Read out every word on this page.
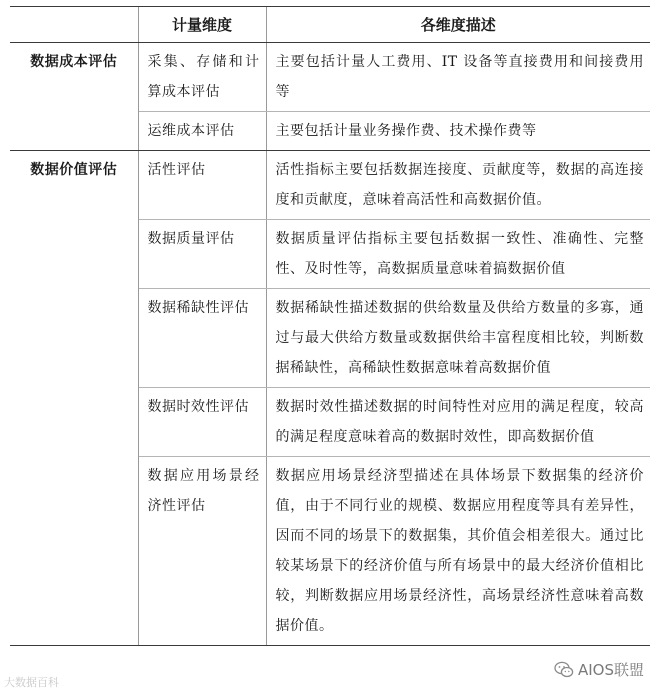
	计量维度	各维度描述
数据成本评估	采集、存储和计算成本评估	主要包括计量人工费用、IT 设备等直接费用和间接费用等
	运维成本评估	主要包括计量业务操作费、技术操作费等
数据价值评估	活性评估	活性指标主要包括数据连接度、贡献度等，数据的高连接度和贡献度，意味着高活性和高数据价值。
	数据质量评估	数据质量评估指标主要包括数据一致性、准确性、完整性、及时性等，高数据质量意味着搞数据价值
	数据稀缺性评估	数据稀缺性描述数据的供给数量及供给方数量的多寡，通过与最大供给方数量或数据供给丰富程度相比较，判断数据稀缺性，高稀缺性数据意味着高数据价值
	数据时效性评估	数据时效性描述数据的时间特性对应用的满足程度，较高的满足程度意味着高的数据时效性，即高数据价值
	数据应用场景经济性评估	数据应用场景经济型描述在具体场景下数据集的经济价值，由于不同行业的规模、数据应用程度等具有差异性，因而不同的场景下的数据集，其价值会相差很大。通过比较某场景下的经济价值与所有场景中的最大经济价值相比较，判断数据应用场景经济性，高场景经济性意味着高数据价值。
大数据百科
AIOS联盟
